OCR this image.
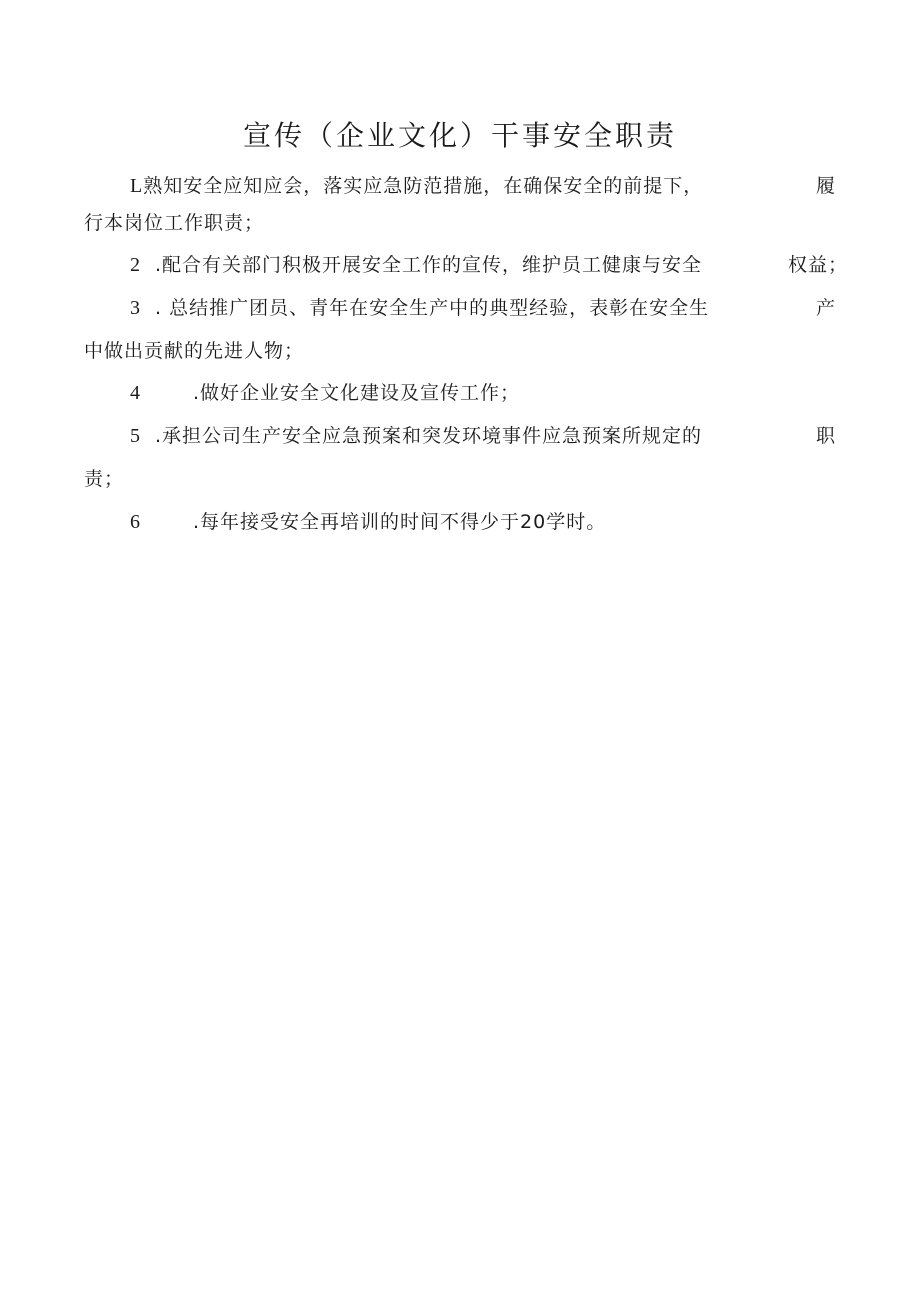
宣传（企业文化）干事安全职责
L熟知安全应知应会，落实应急防范措施，在确保安全的前提下，	履
行本岗位工作职责；
2 .配合有关部门积极开展安全工作的宣传，维护员工健康与安全	权益；
3 . 总结推广团员、青年在安全生产中的典型经验，表彰在安全生	产
中做出贡献的先进人物；
4	.做好企业安全文化建设及宣传工作；
5 .承担公司生产安全应急预案和突发环境事件应急预案所规定的	职
责；
6	.每年接受安全再培训的时间不得少于20学时。
